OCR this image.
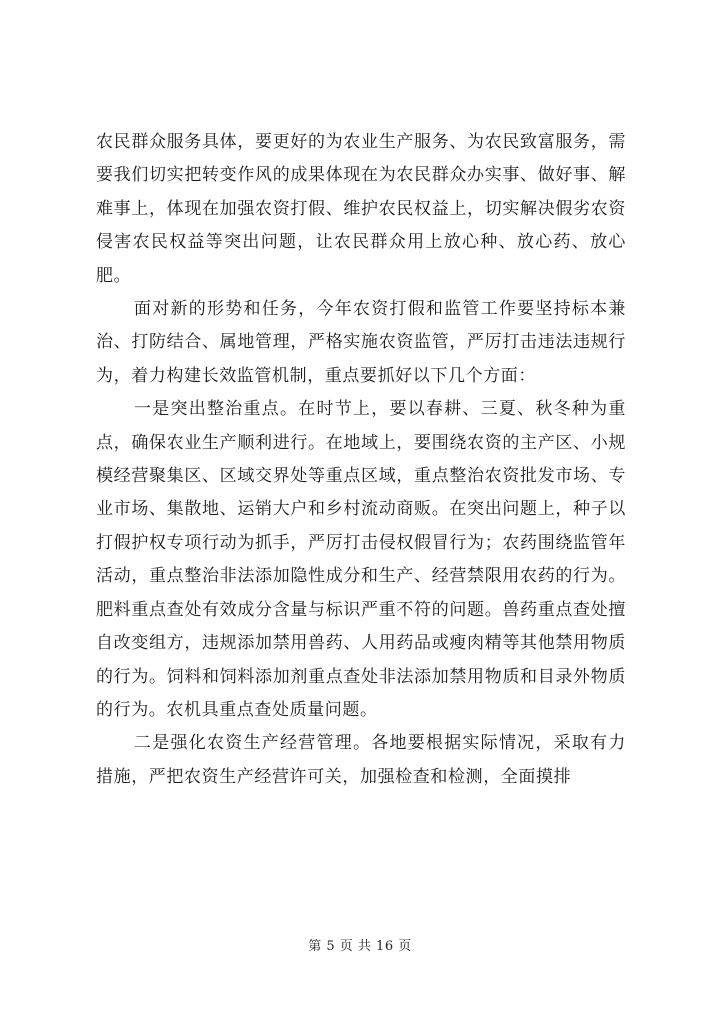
农民群众服务具体，要更好的为农业生产服务、为农民致富服务，需要我们切实把转变作风的成果体现在为农民群众办实事、做好事、解难事上，体现在加强农资打假、维护农民权益上，切实解决假劣农资侵害农民权益等突出问题，让农民群众用上放心种、放心药、放心肥。

面对新的形势和任务，今年农资打假和监管工作要坚持标本兼治、打防结合、属地管理，严格实施农资监管，严厉打击违法违规行为，着力构建长效监管机制，重点要抓好以下几个方面：

一是突出整治重点。在时节上，要以春耕、三夏、秋冬种为重点，确保农业生产顺利进行。在地域上，要围绕农资的主产区、小规模经营聚集区、区域交界处等重点区域，重点整治农资批发市场、专业市场、集散地、运销大户和乡村流动商贩。在突出问题上，种子以打假护权专项行动为抓手，严厉打击侵权假冒行为；农药围绕监管年活动，重点整治非法添加隐性成分和生产、经营禁限用农药的行为。肥料重点查处有效成分含量与标识严重不符的问题。兽药重点查处擅自改变组方，违规添加禁用兽药、人用药品或瘦肉精等其他禁用物质的行为。饲料和饲料添加剂重点查处非法添加禁用物质和目录外物质的行为。农机具重点查处质量问题。

二是强化农资生产经营管理。各地要根据实际情况，采取有力措施，严把农资生产经营许可关，加强检查和检测，全面摸排

第 5 页 共 16 页
